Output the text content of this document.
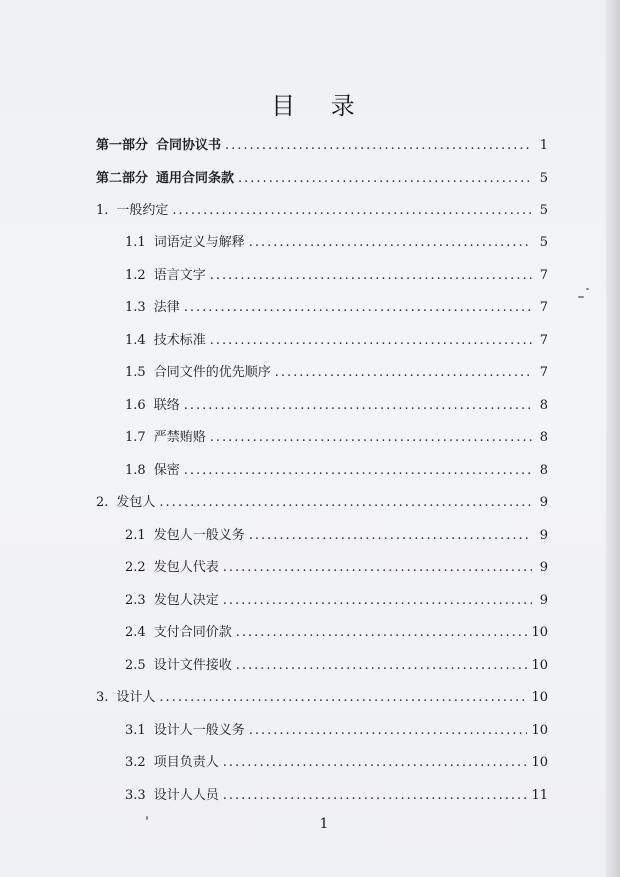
目 录
第一部分 合同协议书 .....	1
第二部分 通用合同条款 .....	5
1. 一般约定 .....	5
1.1 词语定义与解释 .....	5
1.2 语言文字 .....	7
1.3 法律 .....	7
1.4 技术标准 .....	7
1.5 合同文件的优先顺序 .....	7
1.6 联络 .....	8
1.7 严禁贿赂 .....	8
1.8 保密 .....	8
2. 发包人 .....	9
2.1 发包人一般义务 .....	9
2.2 发包人代表 .....	9
2.3 发包人决定 .....	9
2.4 支付合同价款 .....	10
2.5 设计文件接收 .....	10
3. 设计人 .....	10
3.1 设计人一般义务 .....	10
3.2 项目负责人 .....	10
3.3 设计人人员 .....	11
1
